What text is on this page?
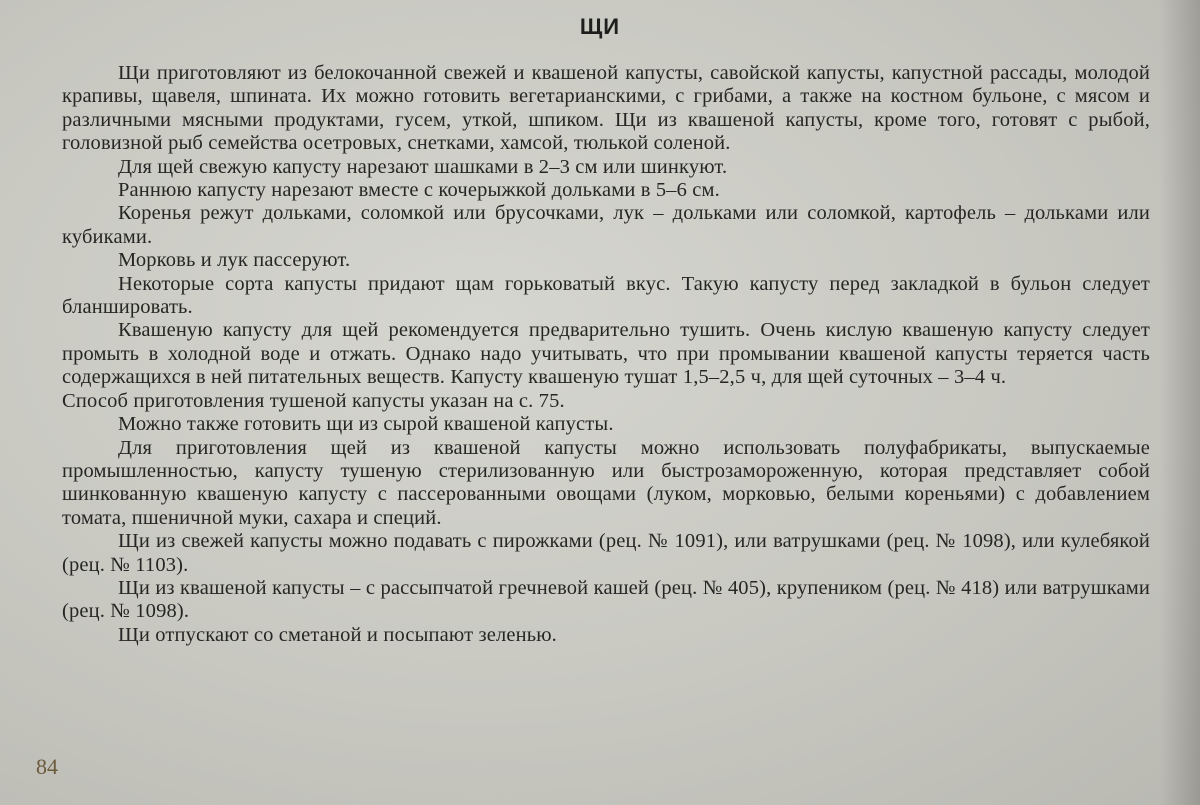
ЩИ

Щи приготовляют из белокочанной свежей и квашеной капусты, савойской капусты, капустной рассады, молодой крапивы, щавеля, шпината. Их можно готовить вегетарианскими, с грибами, а также на костном бульоне, с мясом и различными мясными продуктами, гусем, уткой, шпиком. Щи из квашеной капусты, кроме того, готовят с рыбой, головизной рыб семейства осетровых, снетками, хамсой, тюлькой соленой.

Для щей свежую капусту нарезают шашками в 2–3 см или шинкуют.

Раннюю капусту нарезают вместе с кочерыжкой дольками в 5–6 см.

Коренья режут дольками, соломкой или брусочками, лук – дольками или соломкой, картофель – дольками или кубиками.

Морковь и лук пассеруют.

Некоторые сорта капусты придают щам горьковатый вкус. Такую капусту перед закладкой в бульон следует бланшировать.

Квашеную капусту для щей рекомендуется предварительно тушить. Очень кислую квашеную капусту следует промыть в холодной воде и отжать. Однако надо учитывать, что при промывании квашеной капусты теряется часть содержащихся в ней питательных веществ. Капусту квашеную тушат 1,5–2,5 ч, для щей суточных – 3–4 ч.

Способ приготовления тушеной капусты указан на с. 75.

Можно также готовить щи из сырой квашеной капусты.

Для приготовления щей из квашеной капусты можно использовать полуфабрикаты, выпускаемые промышленностью, капусту тушеную стерилизованную или быстрозамороженную, которая представляет собой шинкованную квашеную капусту с пассерованными овощами (луком, морковью, белыми кореньями) с добавлением томата, пшеничной муки, сахара и специй.

Щи из свежей капусты можно подавать с пирожками (рец. № 1091), или ватрушками (рец. № 1098), или кулебякой (рец. № 1103).

Щи из квашеной капусты – с рассыпчатой гречневой кашей (рец. № 405), крупеником (рец. № 418) или ватрушками (рец. № 1098).

Щи отпускают со сметаной и посыпают зеленью.

84
